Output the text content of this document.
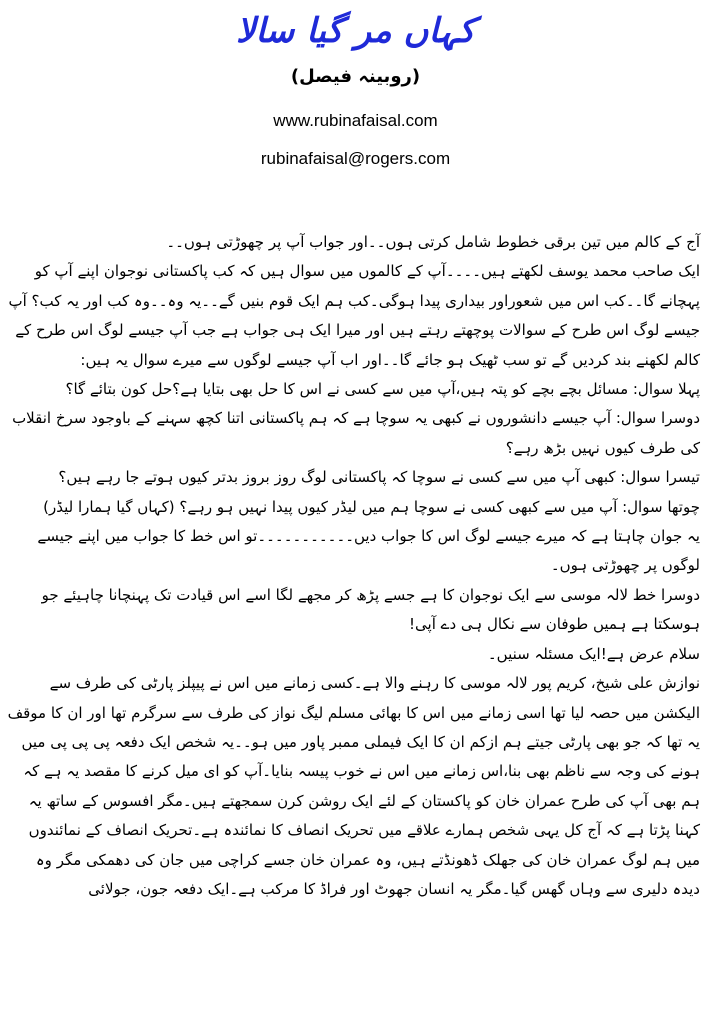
کہاں مر گیا سالا
(روبینہ فیصل)
www.rubinafaisal.com
rubinafaisal@rogers.com

آج کے کالم میں تین برقی خطوط شامل کرتی ہوں۔۔اور جواب آپ پر چھوڑتی ہوں۔۔

ایک صاحب محمد یوسف لکھتے ہیں۔۔۔۔آپ کے کالموں میں سوال ہیں کہ کب پاکستانی نوجوان اپنے آپ کو پہچانے گا۔۔کب اس میں شعوراور بیداری پیدا ہوگی۔کب ہم ایک قوم بنیں گے۔۔یہ وہ۔۔وہ کب اور یہ کب؟ آپ جیسے لوگ اس طرح کے سوالات پوچھتے رہتے ہیں اور میرا ایک ہی جواب ہے جب آپ جیسے لوگ اس طرح کے کالم لکھنے بند کردیں گے تو سب ٹھیک ہو جائے گا۔۔اور اب آپ جیسے لوگوں سے میرے سوال یہ ہیں:

پہلا سوال: مسائل بچے بچے کو پتہ ہیں،آپ میں سے کسی نے اس کا حل بھی بتایا ہے؟حل کون بتائے گا؟

دوسرا سوال: آپ جیسے دانشوروں نے کبھی یہ سوچا ہے کہ ہم پاکستانی اتنا کچھ سہنے کے باوجود سرخ انقلاب کی طرف کیوں نہیں بڑھ رہے؟

تیسرا سوال: کبھی آپ میں سے کسی نے سوچا کہ پاکستانی لوگ روز بروز بدتر کیوں ہوتے جا رہے ہیں؟

چوتھا سوال: آپ میں سے کبھی کسی نے سوچا ہم میں لیڈر کیوں پیدا نہیں ہو رہے؟ (کہاں گیا ہمارا لیڈر)

یہ جوان چاہتا ہے کہ میرے جیسے لوگ اس کا جواب دیں۔۔۔۔۔۔۔۔۔۔۔تو اس خط کا جواب میں اپنے جیسے لوگوں پر چھوڑتی ہوں۔

دوسرا خط لالہ موسی سے ایک نوجوان کا ہے جسے پڑھ کر مجھے لگا اسے اس قیادت تک پہنچانا چاہیئے جو ہوسکتا ہے ہمیں طوفان سے نکال ہی دے آپی!

سلام عرض ہے!ایک مسئلہ سنیں۔

نوازش علی شیخ، کریم پور لالہ موسی کا رہنے والا ہے۔کسی زمانے میں اس نے پیپلز پارٹی کی طرف سے الیکشن میں حصہ لیا تھا اسی زمانے میں اس کا بھائی مسلم لیگ نواز کی طرف سے سرگرم تھا اور ان کا موقف یہ تھا کہ جو بھی پارٹی جیتے ہم ازکم ان کا ایک فیملی ممبر پاور میں ہو۔۔یہ شخص ایک دفعہ پی پی پی میں ہونے کی وجہ سے ناظم بھی بنا،اس زمانے میں اس نے خوب پیسہ بنایا۔آپ کو ای میل کرنے کا مقصد یہ ہے کہ ہم بھی آپ کی طرح عمران خان کو پاکستان کے لئے ایک روشن کرن سمجھتے ہیں۔مگر افسوس کے ساتھ یہ کہنا پڑتا ہے کہ آج کل یہی شخص ہمارے علاقے میں تحریک انصاف کا نمائندہ ہے۔تحریک انصاف کے نمائندوں میں ہم لوگ عمران خان کی جھلک ڈھونڈتے ہیں، وہ عمران خان جسے کراچی میں جان کی دھمکی مگر وہ دیدہ دلیری سے وہاں گھس گیا۔مگر یہ انسان جھوٹ اور فراڈ کا مرکب ہے۔ایک دفعہ جون، جولائی
